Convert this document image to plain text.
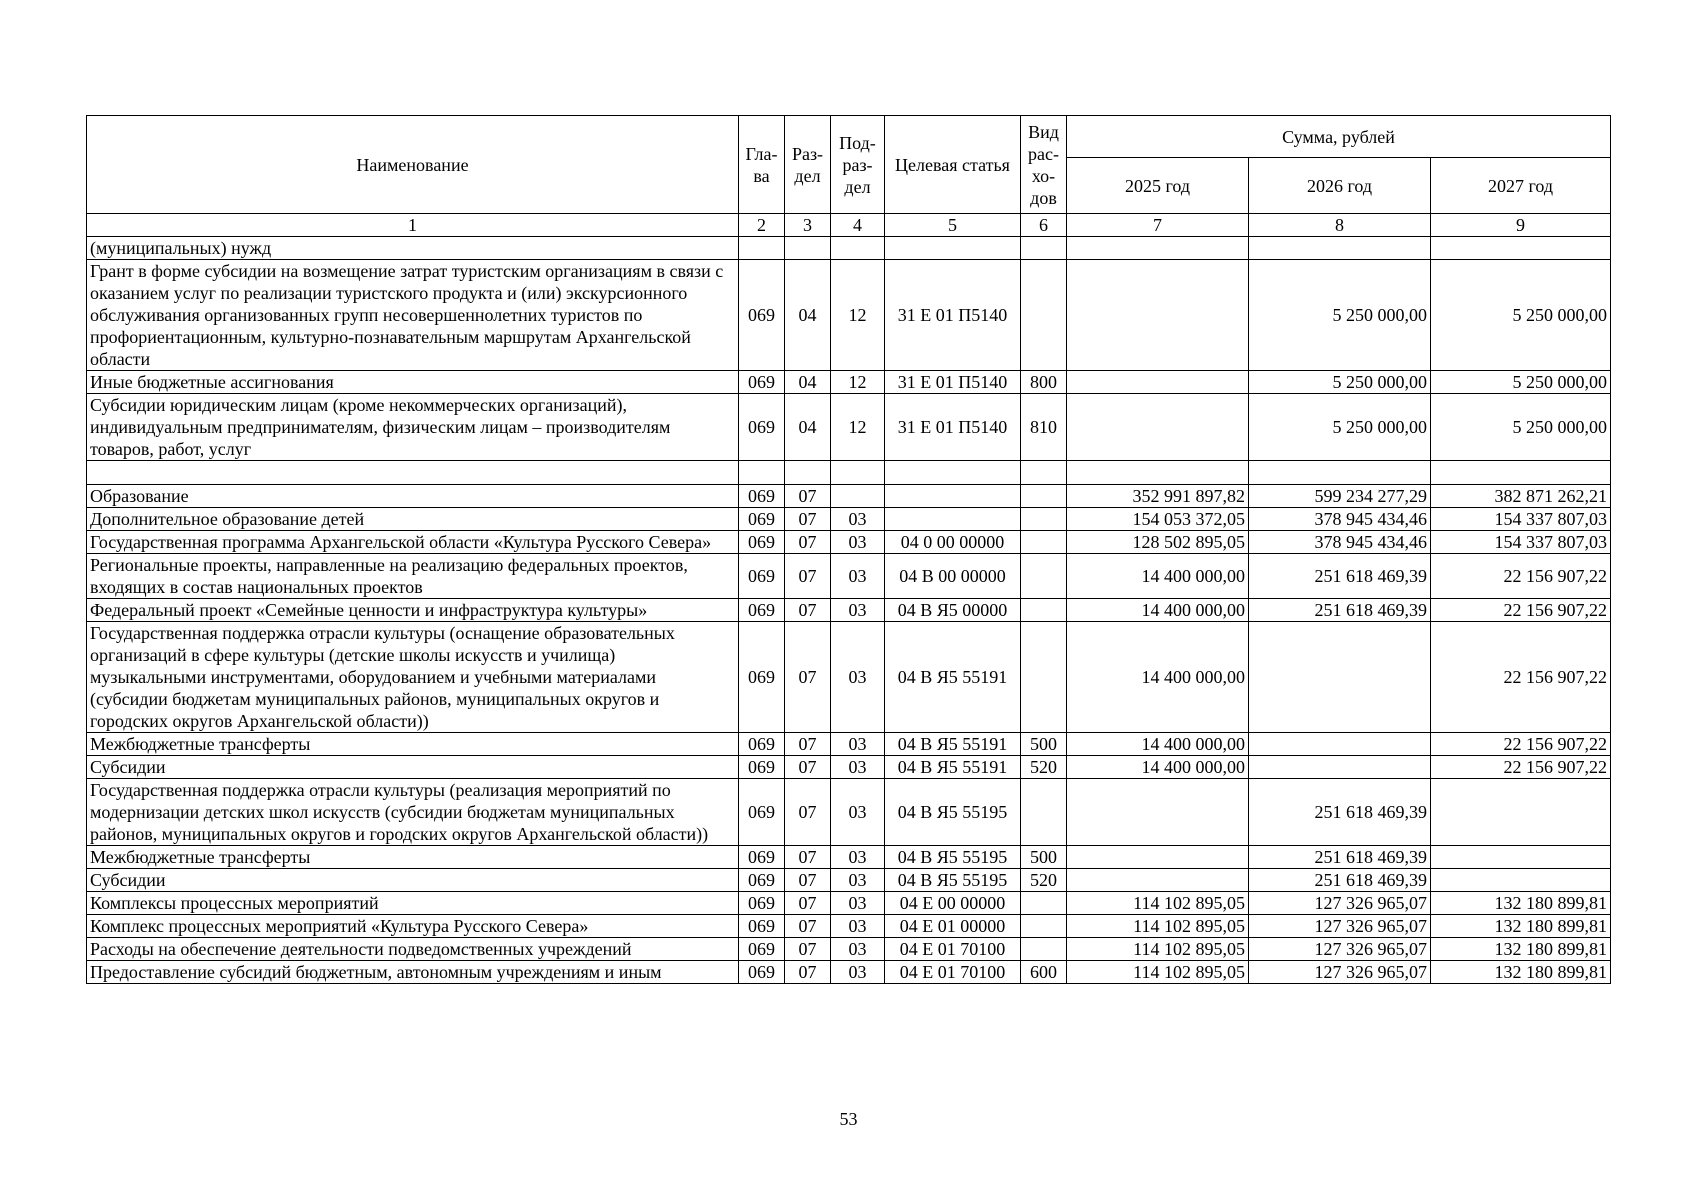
Наименование	Гла-ва	Раз-дел	Под-раз-дел	Целевая статья	Вид рас-хо-дов	Сумма, рублей		
						2025 год	2026 год	2027 год
1	2	3	4	5	6	7	8	9
(муниципальных) нужд								
Грант в форме субсидии на возмещение затрат туристским организациям в связи с оказанием услуг по реализации туристского продукта и (или) экскурсионного обслуживания организованных групп несовершеннолетних туристов по профориентационным, культурно-познавательным маршрутам Архангельской области	069	04	12	31 Е 01 П5140			5 250 000,00	5 250 000,00
Иные бюджетные ассигнования	069	04	12	31 Е 01 П5140	800		5 250 000,00	5 250 000,00
Субсидии юридическим лицам (кроме некоммерческих организаций), индивидуальным предпринимателям, физическим лицам – производителям товаров, работ, услуг	069	04	12	31 Е 01 П5140	810		5 250 000,00	5 250 000,00

Образование	069	07				352 991 897,82	599 234 277,29	382 871 262,21
Дополнительное образование детей	069	07	03			154 053 372,05	378 945 434,46	154 337 807,03
Государственная программа Архангельской области «Культура Русского Севера»	069	07	03	04 0 00 00000		128 502 895,05	378 945 434,46	154 337 807,03
Региональные проекты, направленные на реализацию федеральных проектов, входящих в состав национальных проектов	069	07	03	04 В 00 00000		14 400 000,00	251 618 469,39	22 156 907,22
Федеральный проект «Семейные ценности и инфраструктура культуры»	069	07	03	04 В Я5 00000		14 400 000,00	251 618 469,39	22 156 907,22
Государственная поддержка отрасли культуры (оснащение образовательных организаций в сфере культуры (детские школы искусств и училища) музыкальными инструментами, оборудованием и учебными материалами (субсидии бюджетам муниципальных районов, муниципальных округов и городских округов Архангельской области))	069	07	03	04 В Я5 55191		14 400 000,00		22 156 907,22
Межбюджетные трансферты	069	07	03	04 В Я5 55191	500	14 400 000,00		22 156 907,22
Субсидии	069	07	03	04 В Я5 55191	520	14 400 000,00		22 156 907,22
Государственная поддержка отрасли культуры (реализация мероприятий по модернизации детских школ искусств (субсидии бюджетам муниципальных районов, муниципальных округов и городских округов Архангельской области))	069	07	03	04 В Я5 55195			251 618 469,39	
Межбюджетные трансферты	069	07	03	04 В Я5 55195	500		251 618 469,39	
Субсидии	069	07	03	04 В Я5 55195	520		251 618 469,39	
Комплексы процессных мероприятий	069	07	03	04 Е 00 00000		114 102 895,05	127 326 965,07	132 180 899,81
Комплекс процессных мероприятий «Культура Русского Севера»	069	07	03	04 Е 01 00000		114 102 895,05	127 326 965,07	132 180 899,81
Расходы на обеспечение деятельности подведомственных учреждений	069	07	03	04 Е 01 70100		114 102 895,05	127 326 965,07	132 180 899,81
Предоставление субсидий бюджетным, автономным учреждениям и иным	069	07	03	04 Е 01 70100	600	114 102 895,05	127 326 965,07	132 180 899,81
53
